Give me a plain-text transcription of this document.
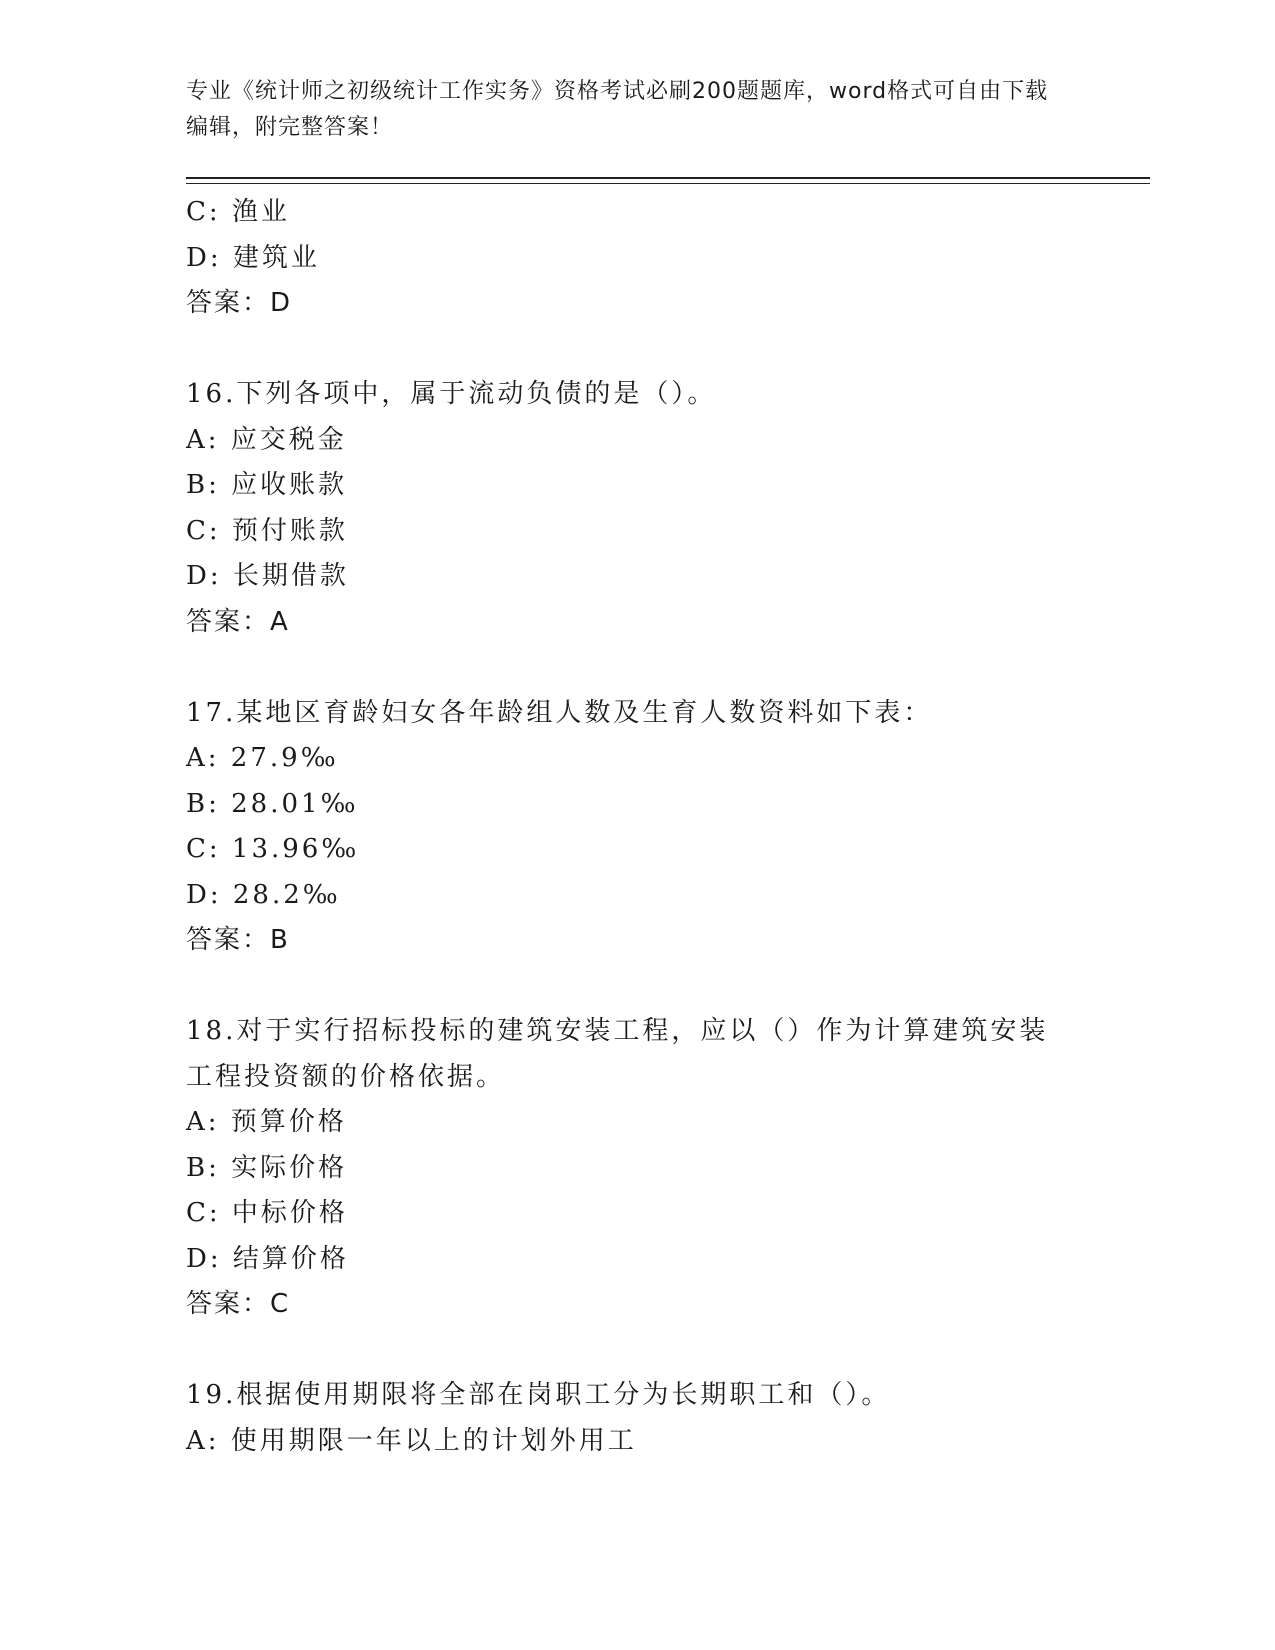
专业《统计师之初级统计工作实务》资格考试必刷200题题库，word格式可自由下载编辑，附完整答案！
C: 渔业
D: 建筑业
答案：D
16.下列各项中，属于流动负债的是（）。
A: 应交税金
B: 应收账款
C: 预付账款
D: 长期借款
答案：A
17.某地区育龄妇女各年龄组人数及生育人数资料如下表：
A: 27.9‰
B: 28.01‰
C: 13.96‰
D: 28.2‰
答案：B
18.对于实行招标投标的建筑安装工程，应以（）作为计算建筑安装工程投资额的价格依据。
A: 预算价格
B: 实际价格
C: 中标价格
D: 结算价格
答案：C
19.根据使用期限将全部在岗职工分为长期职工和（）。
A: 使用期限一年以上的计划外用工
